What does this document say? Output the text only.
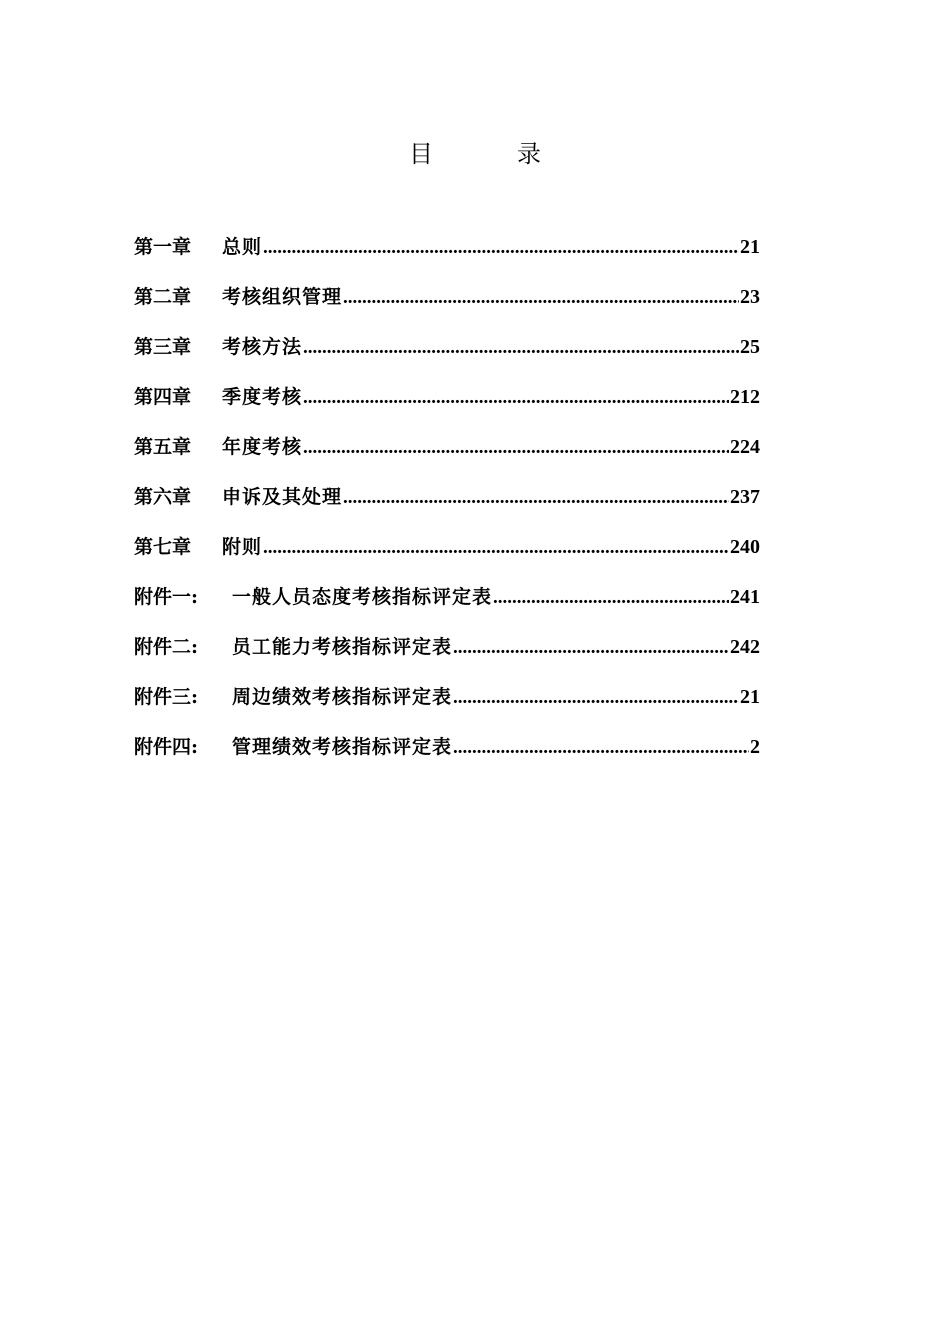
目　录
第一章	总则 .....	21
第二章	考核组织管理 .....	23
第三章	考核方法 .....	25
第四章	季度考核 .....	212
第五章	年度考核 .....	224
第六章	申诉及其处理 .....	237
第七章	附则 .....	240
附件一:	一般人员态度考核指标评定表 .....	241
附件二:	员工能力考核指标评定表 .....	242
附件三:	周边绩效考核指标评定表 .....	21
附件四:	管理绩效考核指标评定表 .....	2
